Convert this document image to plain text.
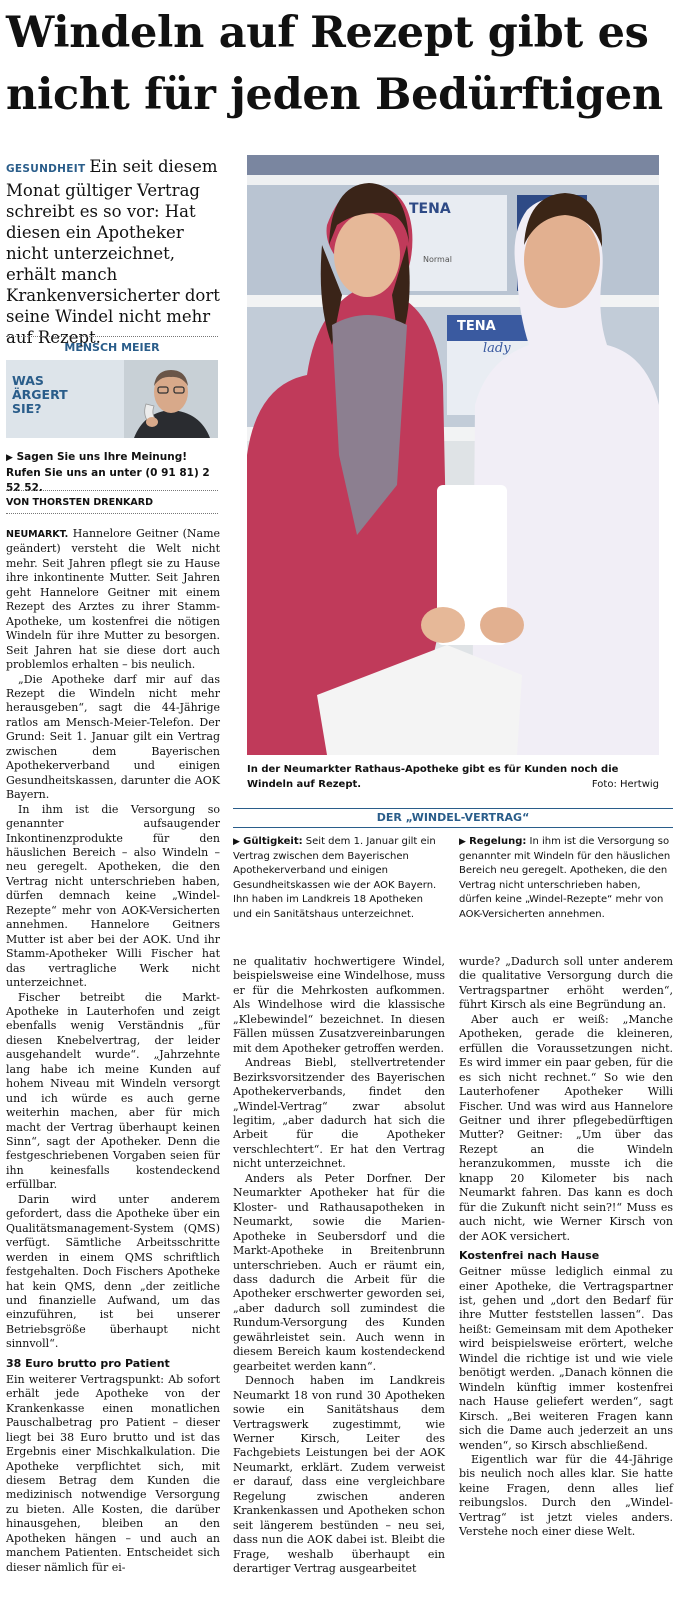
Windeln auf Rezept gibt es
nicht für jeden Bedürftigen

GESUNDHEIT Ein seit diesem Monat gültiger Vertrag schreibt es so vor: Hat diesen ein Apotheker nicht unterzeichnet, erhält manch Krankenversicherter dort seine Windel nicht mehr auf Rezept.

MENSCH MEIER
WAS
ÄRGERT
SIE?

▶ Sagen Sie uns Ihre Meinung! Rufen Sie uns an unter (0 91 81) 2 52 52.

VON THORSTEN DRENKARD

NEUMARKT. Hannelore Geitner (Name geändert) versteht die Welt nicht mehr. Seit Jahren pflegt sie zu Hause ihre inkontinente Mutter. Seit Jahren geht Hannelore Geitner mit einem Rezept des Arztes zu ihrer Stamm-Apotheke, um kostenfrei die nötigen Windeln für ihre Mutter zu besorgen. Seit Jahren hat sie diese dort auch problemlos erhalten – bis neulich.

„Die Apotheke darf mir auf das Rezept die Windeln nicht mehr herausgeben“, sagt die 44-Jährige ratlos am Mensch-Meier-Telefon. Der Grund: Seit 1. Januar gilt ein Vertrag zwischen dem Bayerischen Apothekerverband und einigen Gesundheitskassen, darunter die AOK Bayern.

In ihm ist die Versorgung so genannter aufsaugender Inkontinenzprodukte für den häuslichen Bereich – also Windeln – neu geregelt. Apotheken, die den Vertrag nicht unterschrieben haben, dürfen demnach keine „Windel-Rezepte“ mehr von AOK-Versicherten annehmen. Hannelore Geitners Mutter ist aber bei der AOK. Und ihr Stamm-Apotheker Willi Fischer hat das vertragliche Werk nicht unterzeichnet.

Fischer betreibt die Markt-Apotheke in Lauterhofen und zeigt ebenfalls wenig Verständnis „für diesen Knebelvertrag, der leider ausgehandelt wurde“. „Jahrzehnte lang habe ich meine Kunden auf hohem Niveau mit Windeln versorgt und ich würde es auch gerne weiterhin machen, aber für mich macht der Vertrag überhaupt keinen Sinn“, sagt der Apotheker. Denn die festgeschriebenen Vorgaben seien für ihn keinesfalls kostendeckend erfüllbar.

Darin wird unter anderem gefordert, dass die Apotheke über ein Qualitätsmanagement-System (QMS) verfügt. Sämtliche Arbeitsschritte werden in einem QMS schriftlich festgehalten. Doch Fischers Apotheke hat kein QMS, denn „der zeitliche und finanzielle Aufwand, um das einzuführen, ist bei unserer Betriebsgröße überhaupt nicht sinnvoll“.

38 Euro brutto pro Patient

Ein weiterer Vertragspunkt: Ab sofort erhält jede Apotheke von der Krankenkasse einen monatlichen Pauschalbetrag pro Patient – dieser liegt bei 38 Euro brutto und ist das Ergebnis einer Mischkalkulation. Die Apotheke verpflichtet sich, mit diesem Betrag dem Kunden die medizinisch notwendige Versorgung zu bieten. Alle Kosten, die darüber hinausgehen, bleiben an den Apotheken hängen – und auch an manchem Patienten. Entscheidet sich dieser nämlich für ei-

TENA
Normal
TENA
lady

In der Neumarkter Rathaus-Apotheke gibt es für Kunden noch die Windeln auf Rezept.	Foto: Hertwig

DER „WINDEL-VERTRAG“

▶ Gültigkeit: Seit dem 1. Januar gilt ein Vertrag zwischen dem Bayerischen Apothekerverband und einigen Gesundheitskassen wie der AOK Bayern. Ihn haben im Landkreis 18 Apotheken und ein Sanitätshaus unterzeichnet.

▶ Regelung: In ihm ist die Versorgung so genannter mit Windeln für den häuslichen Bereich neu geregelt. Apotheken, die den Vertrag nicht unterschrieben haben, dürfen keine „Windel-Rezepte“ mehr von AOK-Versicherten annehmen.

ne qualitativ hochwertigere Windel, beispielsweise eine Windelhose, muss er für die Mehrkosten aufkommen. Als Windelhose wird die klassische „Klebewindel“ bezeichnet. In diesen Fällen müssen Zusatzvereinbarungen mit dem Apotheker getroffen werden.

Andreas Biebl, stellvertretender Bezirksvorsitzender des Bayerischen Apothekerverbands, findet den „Windel-Vertrag“ zwar absolut legitim, „aber dadurch hat sich die Arbeit für die Apotheker verschlechtert“. Er hat den Vertrag nicht unterzeichnet.

Anders als Peter Dorfner. Der Neumarkter Apotheker hat für die Kloster- und Rathausapotheken in Neumarkt, sowie die Marien-Apotheke in Seubersdorf und die Markt-Apotheke in Breitenbrunn unterschrieben. Auch er räumt ein, dass dadurch die Arbeit für die Apotheker erschwerter geworden sei, „aber dadurch soll zumindest die Rundum-Versorgung des Kunden gewährleistet sein. Auch wenn in diesem Bereich kaum kostendeckend gearbeitet werden kann“.

Dennoch haben im Landkreis Neumarkt 18 von rund 30 Apotheken sowie ein Sanitätshaus dem Vertragswerk zugestimmt, wie Werner Kirsch, Leiter des Fachgebiets Leistungen bei der AOK Neumarkt, erklärt. Zudem verweist er darauf, dass eine vergleichbare Regelung zwischen anderen Krankenkassen und Apotheken schon seit längerem bestünden – neu sei, dass nun die AOK dabei ist. Bleibt die Frage, weshalb überhaupt ein derartiger Vertrag ausgearbeitet

wurde? „Dadurch soll unter anderem die qualitative Versorgung durch die Vertragspartner erhöht werden“, führt Kirsch als eine Begründung an.

Aber auch er weiß: „Manche Apotheken, gerade die kleineren, erfüllen die Voraussetzungen nicht. Es wird immer ein paar geben, für die es sich nicht rechnet.“ So wie den Lauterhofener Apotheker Willi Fischer. Und was wird aus Hannelore Geitner und ihrer pflegebedürftigen Mutter? Geitner: „Um über das Rezept an die Windeln heranzukommen, musste ich die knapp 20 Kilometer bis nach Neumarkt fahren. Das kann es doch für die Zukunft nicht sein?!“ Muss es auch nicht, wie Werner Kirsch von der AOK versichert.

Kostenfrei nach Hause

Geitner müsse lediglich einmal zu einer Apotheke, die Vertragspartner ist, gehen und „dort den Bedarf für ihre Mutter feststellen lassen“. Das heißt: Gemeinsam mit dem Apotheker wird beispielsweise erörtert, welche Windel die richtige ist und wie viele benötigt werden. „Danach können die Windeln künftig immer kostenfrei nach Hause geliefert werden“, sagt Kirsch. „Bei weiteren Fragen kann sich die Dame auch jederzeit an uns wenden“, so Kirsch abschließend.

Eigentlich war für die 44-Jährige bis neulich noch alles klar. Sie hatte keine Fragen, denn alles lief reibungslos. Durch den „Windel-Vertrag“ ist jetzt vieles anders. Verstehe noch einer diese Welt.
